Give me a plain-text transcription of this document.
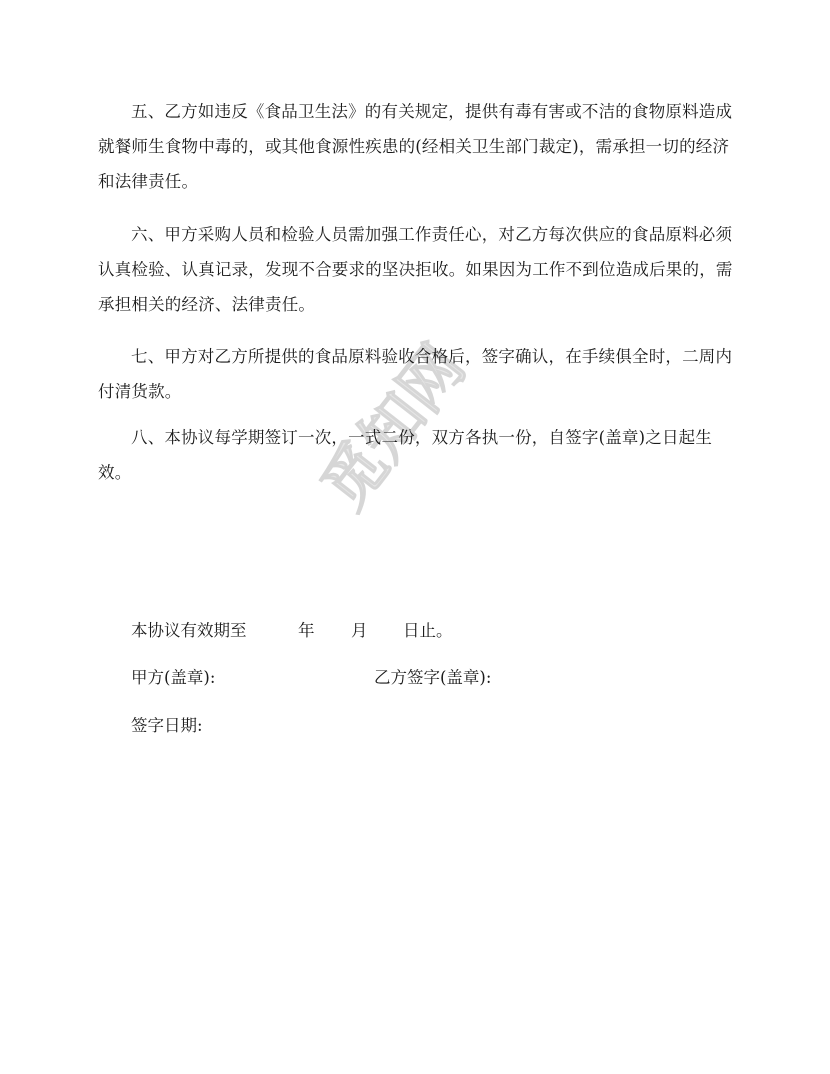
觅知网

五、乙方如违反《食品卫生法》的有关规定，提供有毒有害或不洁的食物原料造成就餐师生食物中毒的，或其他食源性疾患的(经相关卫生部门裁定)，需承担一切的经济和法律责任。

六、甲方采购人员和检验人员需加强工作责任心，对乙方每次供应的食品原料必须认真检验、认真记录，发现不合要求的坚决拒收。如果因为工作不到位造成后果的，需承担相关的经济、法律责任。

七、甲方对乙方所提供的食品原料验收合格后，签字确认，在手续俱全时，二周内付清货款。

八、本协议每学期签订一次，一式二份，双方各执一份，自签字(盖章)之日起生效。

本协议有效期至	年 月 日止。
甲方(盖章):	乙方签字(盖章):
签字日期:
